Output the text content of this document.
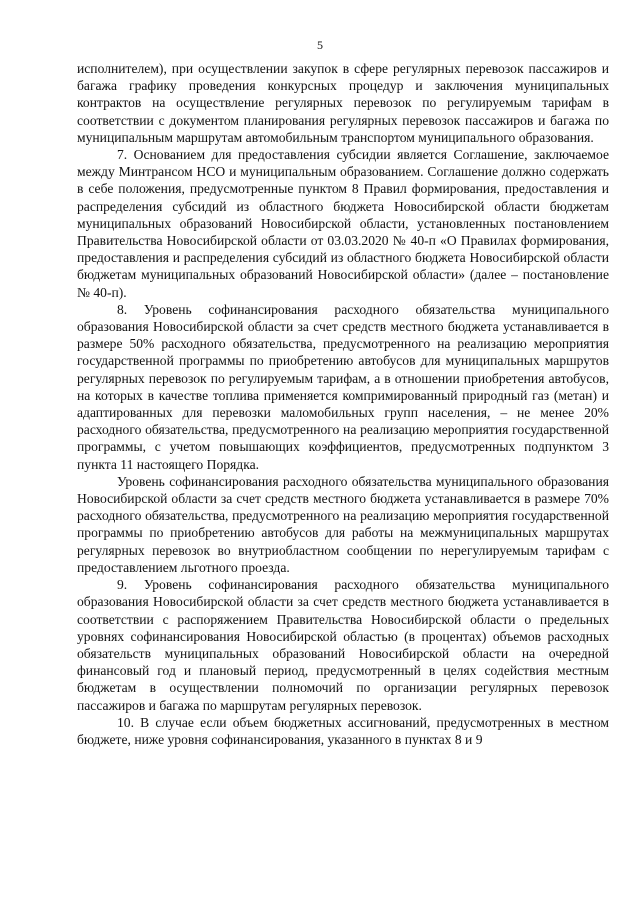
5

исполнителем), при осуществлении закупок в сфере регулярных перевозок пассажиров и багажа графику проведения конкурсных процедур и заключения муниципальных контрактов на осуществление регулярных перевозок по регулируемым тарифам в соответствии с документом планирования регулярных перевозок пассажиров и багажа по муниципальным маршрутам автомобильным транспортом муниципального образования.

7. Основанием для предоставления субсидии является Соглашение, заключаемое между Минтрансом НСО и муниципальным образованием. Соглашение должно содержать в себе положения, предусмотренные пунктом 8 Правил формирования, предоставления и распределения субсидий из областного бюджета Новосибирской области бюджетам муниципальных образований Новосибирской области, установленных постановлением Правительства Новосибирской области от 03.03.2020 № 40-п «О Правилах формирования, предоставления и распределения субсидий из областного бюджета Новосибирской области бюджетам муниципальных образований Новосибирской области» (далее – постановление № 40-п).

8. Уровень софинансирования расходного обязательства муниципального образования Новосибирской области за счет средств местного бюджета устанавливается в размере 50% расходного обязательства, предусмотренного на реализацию мероприятия государственной программы по приобретению автобусов для муниципальных маршрутов регулярных перевозок по регулируемым тарифам, а в отношении приобретения автобусов, на которых в качестве топлива применяется компримированный природный газ (метан) и адаптированных для перевозки маломобильных групп населения, – не менее 20% расходного обязательства, предусмотренного на реализацию мероприятия государственной программы, с учетом повышающих коэффициентов, предусмотренных подпунктом 3 пункта 11 настоящего Порядка.

Уровень софинансирования расходного обязательства муниципального образования Новосибирской области за счет средств местного бюджета устанавливается в размере 70% расходного обязательства, предусмотренного на реализацию мероприятия государственной программы по приобретению автобусов для работы на межмуниципальных маршрутах регулярных перевозок во внутриобластном сообщении по нерегулируемым тарифам с предоставлением льготного проезда.

9. Уровень софинансирования расходного обязательства муниципального образования Новосибирской области за счет средств местного бюджета устанавливается в соответствии с распоряжением Правительства Новосибирской области о предельных уровнях софинансирования Новосибирской областью (в процентах) объемов расходных обязательств муниципальных образований Новосибирской области на очередной финансовый год и плановый период, предусмотренный в целях содействия местным бюджетам в осуществлении полномочий по организации регулярных перевозок пассажиров и багажа по маршрутам регулярных перевозок.

10. В случае если объем бюджетных ассигнований, предусмотренных в местном бюджете, ниже уровня софинансирования, указанного в пунктах 8 и 9
